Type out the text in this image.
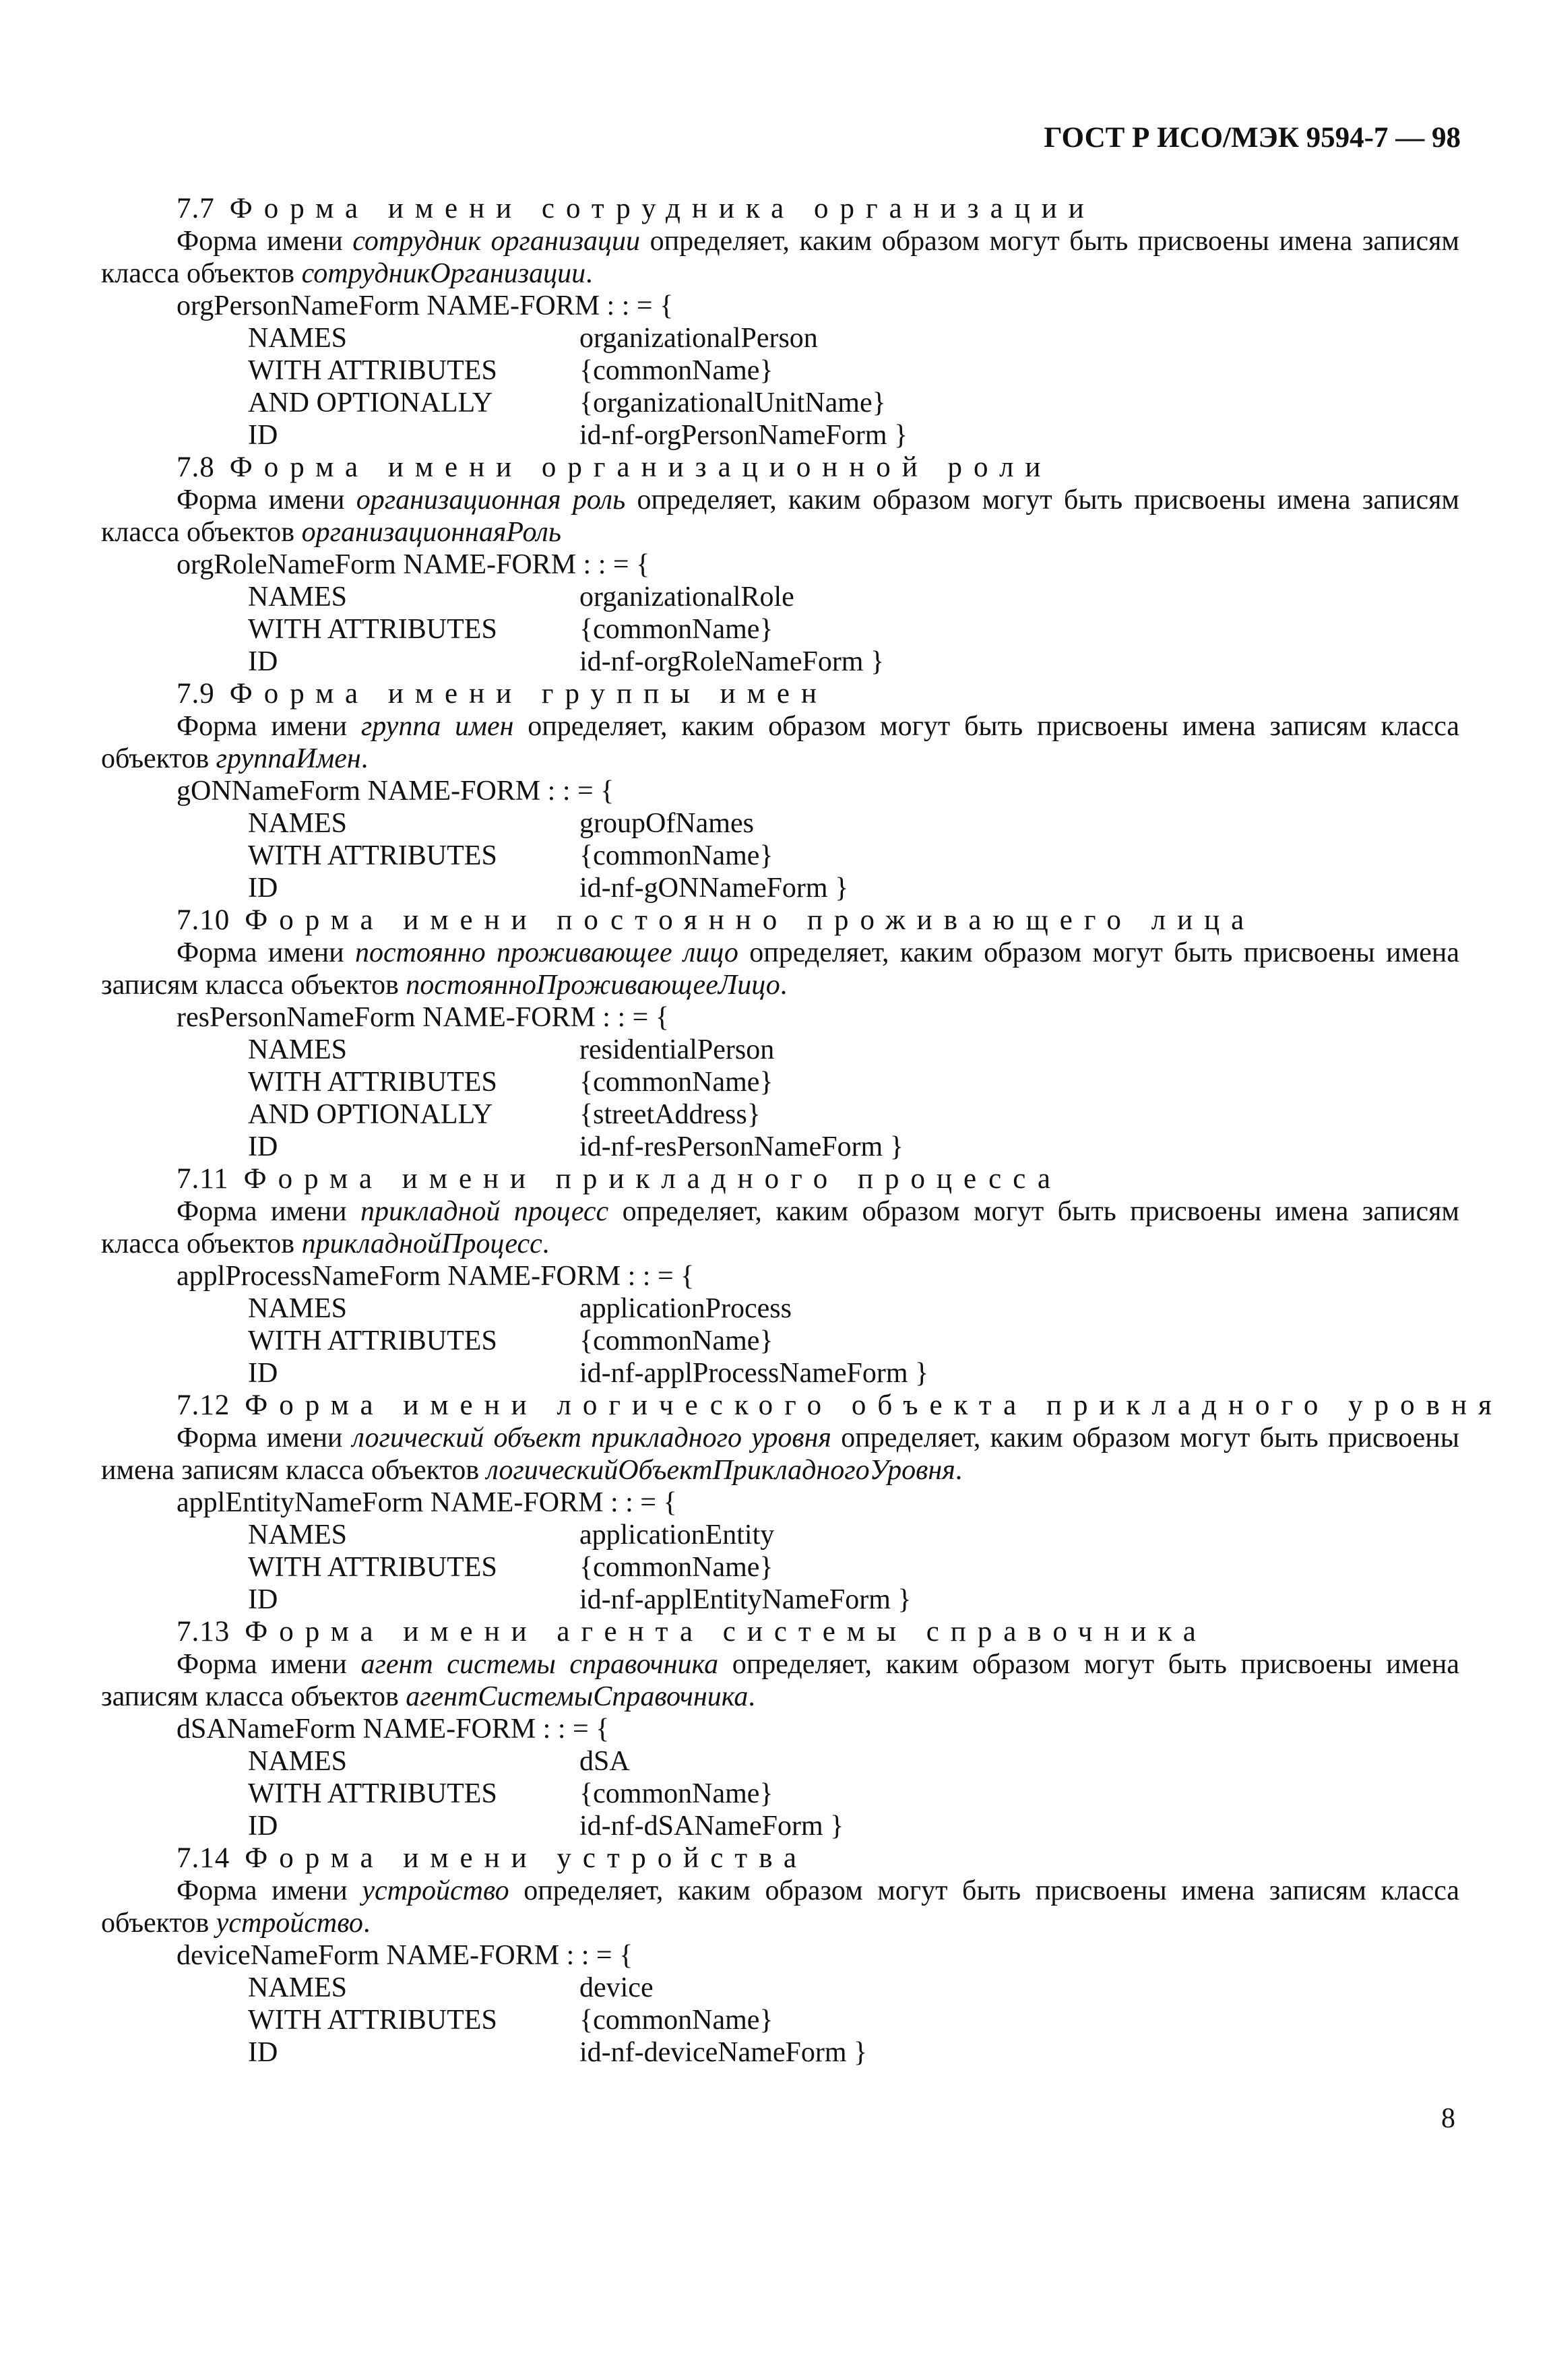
ГОСТ Р ИСО/МЭК 9594-7 — 98
7.7 Форма имени сотрудника организации
Форма имени сотрудник организации определяет, каким образом могут быть присвоены имена записям класса объектов сотрудникОрганизации.
orgPersonNameForm NAME-FORM : : = {
NAMES	organizationalPerson
WITH ATTRIBUTES	{commonName}
AND OPTIONALLY	{organizationalUnitName}
ID	id-nf-orgPersonNameForm }
7.8 Форма имени организационной роли
Форма имени организационная роль определяет, каким образом могут быть присвоены имена записям класса объектов организационнаяРоль
orgRoleNameForm NAME-FORM : : = {
NAMES	organizationalRole
WITH ATTRIBUTES	{commonName}
ID	id-nf-orgRoleNameForm }
7.9 Форма имени группы имен
Форма имени группа имен определяет, каким образом могут быть присвоены имена записям класса объектов группаИмен.
gONNameForm NAME-FORM : : = {
NAMES	groupOfNames
WITH ATTRIBUTES	{commonName}
ID	id-nf-gONNameForm }
7.10 Форма имени постоянно проживающего лица
Форма имени постоянно проживающее лицо определяет, каким образом могут быть присвоены имена записям класса объектов постоянноПроживающееЛицо.
resPersonNameForm NAME-FORM : : = {
NAMES	residentialPerson
WITH ATTRIBUTES	{commonName}
AND OPTIONALLY	{streetAddress}
ID	id-nf-resPersonNameForm }
7.11 Форма имени прикладного процесса
Форма имени прикладной процесс определяет, каким образом могут быть присвоены имена записям класса объектов прикладнойПроцесс.
applProcessNameForm NAME-FORM : : = {
NAMES	applicationProcess
WITH ATTRIBUTES	{commonName}
ID	id-nf-applProcessNameForm }
7.12 Форма имени логического объекта прикладного уровня
Форма имени логический объект прикладного уровня определяет, каким образом могут быть присвоены имена записям класса объектов логическийОбъектПрикладногоУровня.
applEntityNameForm NAME-FORM : : = {
NAMES	applicationEntity
WITH ATTRIBUTES	{commonName}
ID	id-nf-applEntityNameForm }
7.13 Форма имени агента системы справочника
Форма имени агент системы справочника определяет, каким образом могут быть присвоены имена записям класса объектов агентСистемыСправочника.
dSANameForm NAME-FORM : : = {
NAMES	dSA
WITH ATTRIBUTES	{commonName}
ID	id-nf-dSANameForm }
7.14 Форма имени устройства
Форма имени устройство определяет, каким образом могут быть присвоены имена записям класса объектов устройство.
deviceNameForm NAME-FORM : : = {
NAMES	device
WITH ATTRIBUTES	{commonName}
ID	id-nf-deviceNameForm }
8
